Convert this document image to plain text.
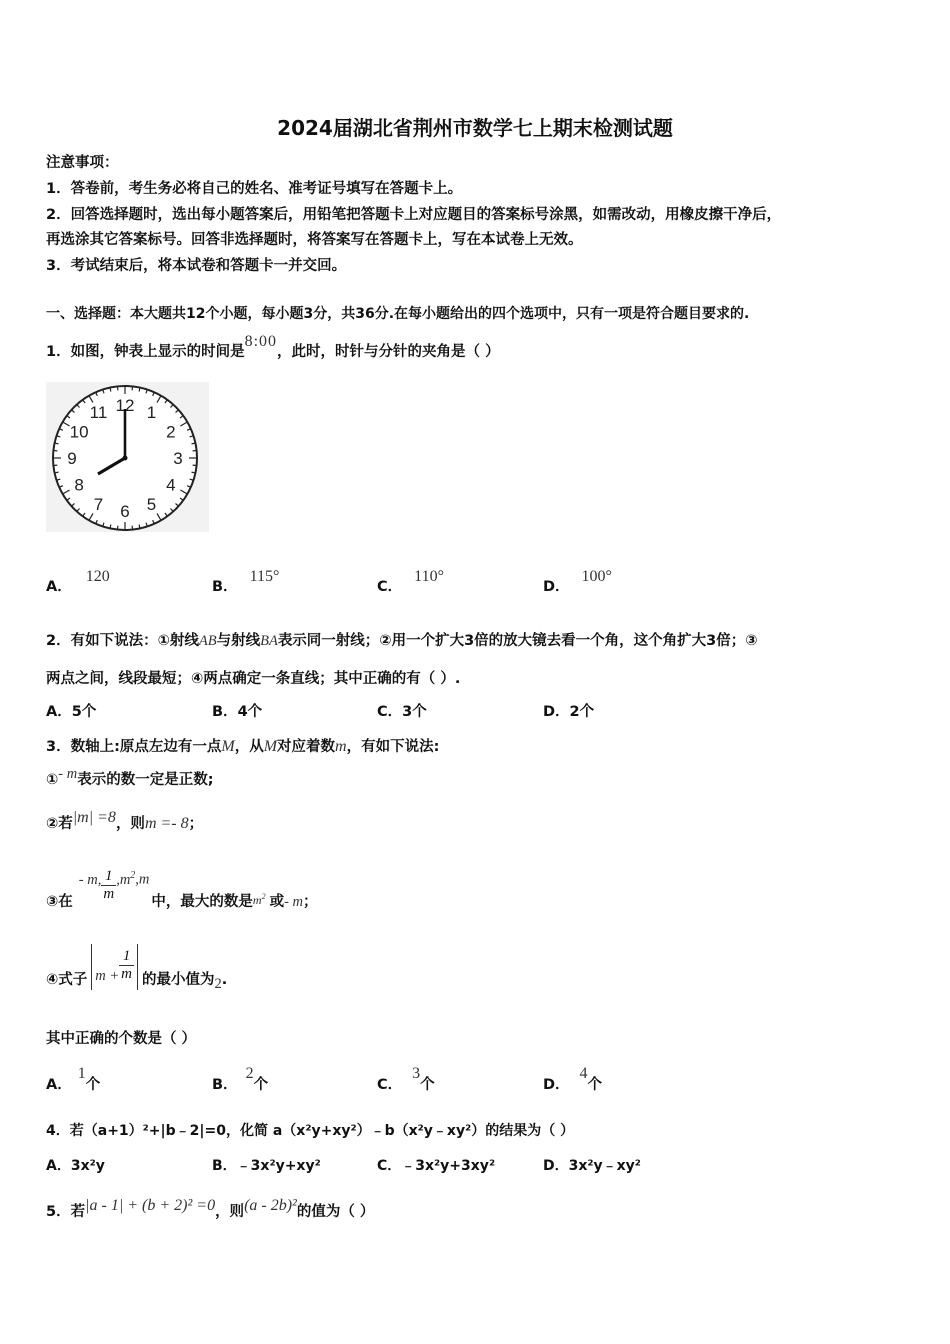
2024届湖北省荆州市数学七上期末检测试题
注意事项：
1．答卷前，考生务必将自己的姓名、准考证号填写在答题卡上。
2．回答选择题时，选出每小题答案后，用铅笔把答题卡上对应题目的答案标号涂黑，如需改动，用橡皮擦干净后，
再选涂其它答案标号。回答非选择题时，将答案写在答题卡上，写在本试卷上无效。
3．考试结束后，将本试卷和答题卡一并交回。
一、选择题：本大题共12个小题，每小题3分，共36分.在每小题给出的四个选项中，只有一项是符合题目要求的.
1．如图，钟表上显示的时间是8:00，此时，时针与分针的夹角是（ ）
12 1
2
3
4
5
6
7
8
9
10
11
A．120
B．115°
C．110°
D．100°
2．有如下说法：①射线AB与射线BA表示同一射线；②用一个扩大3倍的放大镜去看一个角，这个角扩大3倍；③
两点之间，线段最短；④两点确定一条直线；其中正确的有（ ）.
A．5个	B．4个	C．3个	D．2个
3．数轴上:原点左边有一点M，从M对应着数m，有如下说法:
①- m表示的数一定是正数;
②若|m| =8，则m =- 8；
③在- m, $\frac{1}{m} ,m^2,m$中，最大的数是$_{m^2}$ 或- m；
④式子 $m + \frac{1}{m}$ 的最小值为2.
其中正确的个数是（ ）
A．1个	B．2个	C．3个	D．4个
4．若（a+1）²+|b﹣2|=0，化简 a（x²y+xy²）﹣b（x²y﹣xy²）的结果为（ ）
A．3x²y	B．﹣3x²y+xy²	C．﹣3x²y+3xy²	D．3x²y﹣xy²
5．若|a - 1| + (b + 2)² =0，则(a - 2b)²的值为（ ）
